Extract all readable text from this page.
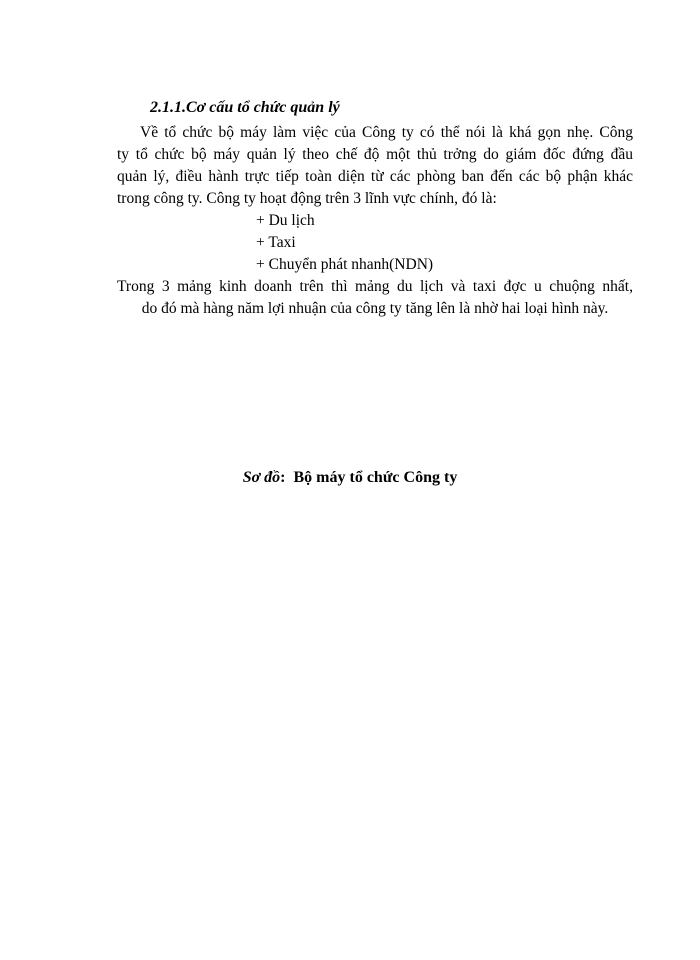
2.1.1.Cơ cấu tổ chức quản lý
Về tổ chức bộ máy làm việc của Công ty có thể nói là khá gọn nhẹ. Công
ty tổ chức bộ máy quản lý theo chế độ một thủ trởng do giám đốc đứng đầu
quản lý, điều hành trực tiếp toàn diện từ các phòng ban đến các bộ phận khác
trong công ty. Công ty hoạt động trên 3 lĩnh vực chính, đó là:
+ Du lịch
+ Taxi
+ Chuyển phát nhanh(NDN)
Trong 3 mảng kinh doanh trên thì mảng du lịch và taxi đợc u chuộng nhất,
do đó mà hàng năm lợi nhuận của công ty tăng lên là nhờ hai loại hình này.
Sơ đồ: Bộ máy tổ chức Công ty
